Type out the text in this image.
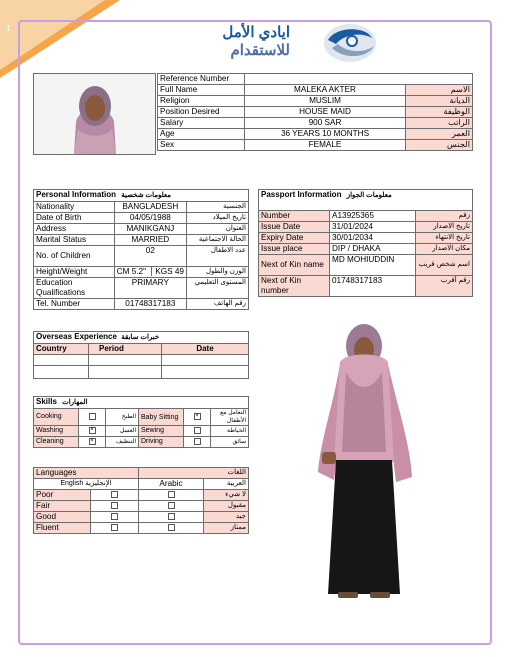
1	ايادي الأمل
للاستقدام
Reference Number		
Full Name	MALEKA AKTER	الاسم
Religion	MUSLIM	الديانة
Position Desired	HOUSE MAID	الوظيفة
Salary	900 SAR	الراتب
Age	36 YEARS 10 MONTHS	العمر
Sex	FEMALE	الجنس
Personal Information معلومات شخصية		
Nationality	BANGLADESH	الجنسية
Date of Birth	04/05/1988	تاريخ الميلاد
Address	MANIKGANJ	العنوان
Marital Status	MARRIED	الحالة الاجتماعية
No. of Children	02	عدد الاطفال
Height/Weight	CM 5.2" KGS 49	الوزن والطول
Education Qualifications	PRIMARY	المستوى التعليمي
Tel. Number	01748317183	رقم الهاتف
Passport Information معلومات الجواز		
Number	A13925365	رقم
Issue Date	31/01/2024	تاريخ الاصدار
Expiry Date	30/01/2034	تاريخ الانتهاء
Issue place	DIP / DHAKA	مكان الاصدار
Next of Kin name	MD MOHIUDDIN	اسم شخص قريب
Next of Kin number	01748317183	رقم أقرب
Overseas Experience خبرات سابقة		
Country	Period	Date

Skills المهارات					
Cooking		الطبخ	Baby Sitting	×	التعامل مع الأطفال
Washing	×	الغسل	Sewing		الخياطة
Cleaning	×	التنظيف	Driving		سائق
Languages		اللغات	
English الإنجليزية		Arabic	العربية
Poor			لا شيء
Fair			مقبول
Good			جيد
Fluent			ممتاز
